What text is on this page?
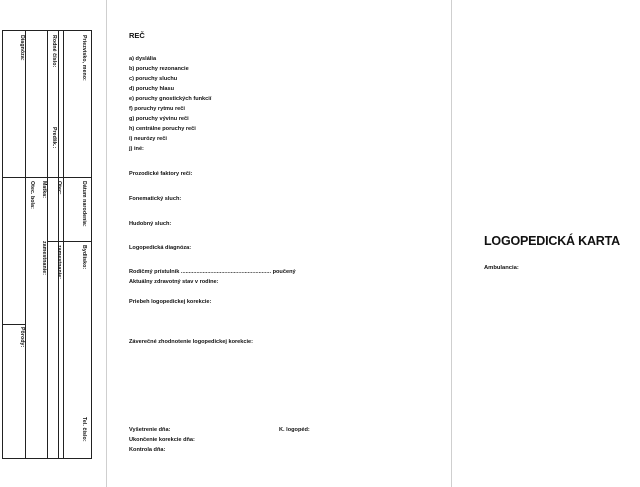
Diagnóza:
Otec. bola:
Pôrody:
Matka:
zamestnanie:
Rodné číslo:
Predšk.:
Otec:
zamestnanie:
Priezvisko, meno:
Dátum narodenia:
Bydlisko:
Tel. číslo:
REČ
a) dyslália
b) poruchy rezonancie
c) poruchy sluchu
d) poruchy hlasu
e) poruchy gnostických funkcií
f) poruchy rytmu reči
g) poruchy vývinu reči
h) centrálne poruchy reči
i) neurózy reči
j) iné:
Prozodické faktory reči:
Fonematický sluch:
Hudobný sluch:
Logopedická diagnóza:
Rodičmý prístulník .......................................................... poučený
Aktuálny zdravotný stav v rodine:
Priebeh logopedickej korekcie:
Záverečné zhodnotenie logopedickej korekcie:
Vyšetrenie dňa:	K. logopéd:
Ukončenie korekcie dňa:
Kontrola dňa:
LOGOPEDICKÁ KARTA
Ambulancia:
